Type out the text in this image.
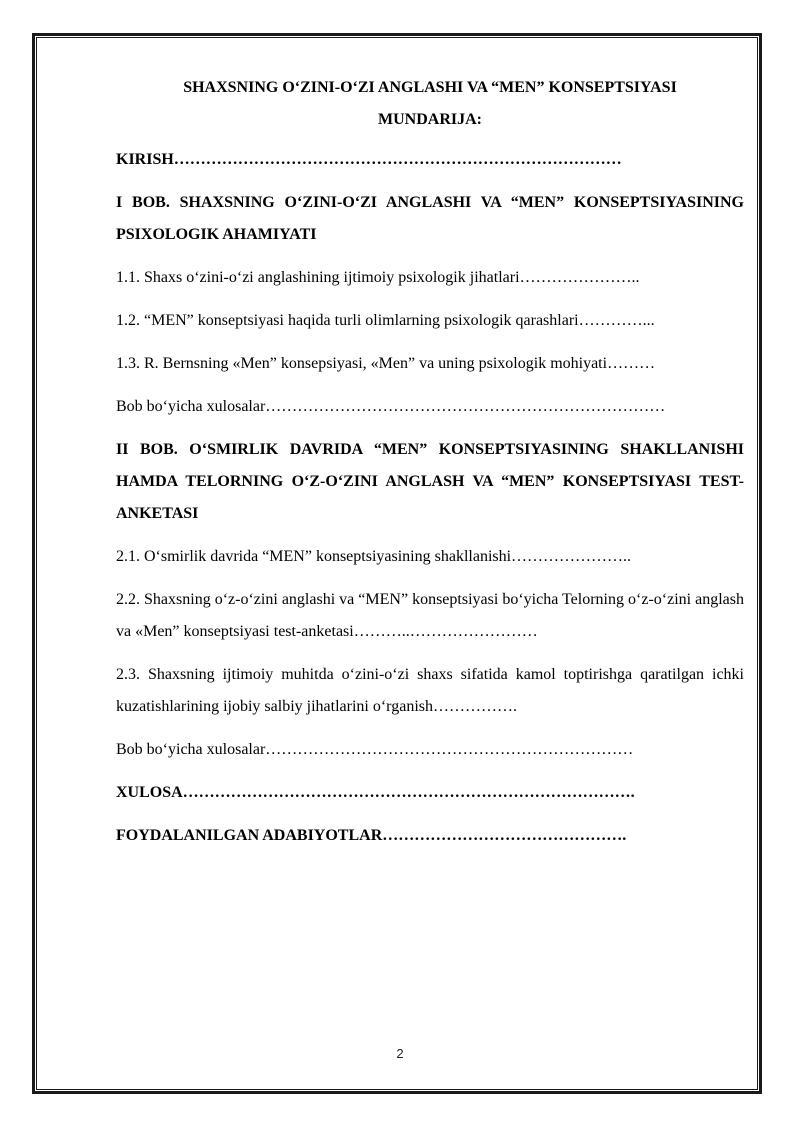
SHAXSNING O‘ZINI-O‘ZI ANGLASHI VA “MEN” KONSEPTSIYASI
MUNDARIJA:

KIRISH…………………………………………………………………………

I BOB. SHAXSNING O‘ZINI-O‘ZI ANGLASHI VA “MEN” KONSEPTSIYASINING PSIXOLOGIK AHAMIYATI

1.1. Shaxs o‘zini-o‘zi anglashining ijtimoiy psixologik jihatlari…………………..

1.2. “MEN” konseptsiyasi haqida turli olimlarning psixologik qarashlari…………...

1.3. R. Bernsning «Men” konsepsiyasi, «Men” va uning psixologik mohiyati………

Bob bo‘yicha xulosalar…………………………………………………………………

II BOB. O‘SMIRLIK DAVRIDA “MEN” KONSEPTSIYASINING SHAKLLANISHI HAMDA TELORNING O‘Z-O‘ZINI ANGLASH VA “MEN” KONSEPTSIYASI TEST-ANKETASI

2.1. O‘smirlik davrida “MEN” konseptsiyasining shakllanishi…………………..

2.2. Shaxsning o‘z-o‘zini anglashi va “MEN” konseptsiyasi bo‘yicha Telorning o‘z-o‘zini anglash va «Men” konseptsiyasi test-anketasi………..……………………

2.3. Shaxsning ijtimoiy muhitda o‘zini-o‘zi shaxs sifatida kamol toptirishga qaratilgan ichki kuzatishlarining ijobiy salbiy jihatlarini o‘rganish…………….

Bob bo‘yicha xulosalar……………………………………………………………

XULOSA………………………………………………………………………….

FOYDALANILGAN ADABIYOTLAR……………………………………….

2
